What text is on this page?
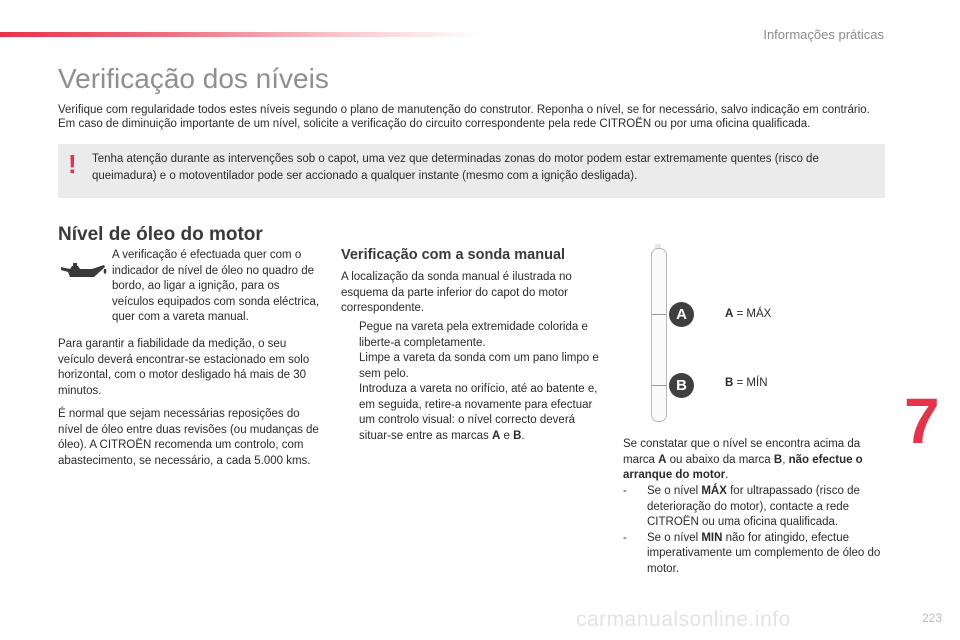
Informações práticas
Verificação dos níveis

Verifique com regularidade todos estes níveis segundo o plano de manutenção do construtor. Reponha o nível, se for necessário, salvo indicação em contrário.

Em caso de diminuição importante de um nível, solicite a verificação do circuito correspondente pela rede CITROËN ou por uma oficina qualificada.

! Tenha atenção durante as intervenções sob o capot, uma vez que determinadas zonas do motor podem estar extremamente quentes (risco de queimadura) e o motoventilador pode ser accionado a qualquer instante (mesmo com a ignição desligada).
Nível de óleo do motor
A verificação é efectuada quer com o indicador de nível de óleo no quadro de bordo, ao ligar a ignição, para os veículos equipados com sonda eléctrica, quer com a vareta manual.
Para garantir a fiabilidade da medição, o seu veículo deverá encontrar-se estacionado em solo horizontal, com o motor desligado há mais de 30 minutos.
É normal que sejam necessárias reposições do nível de óleo entre duas revisões (ou mudanças de óleo). A CITROËN recomenda um controlo, com abastecimento, se necessário, a cada 5.000 kms.
Verificação com a sonda manual
A localização da sonda manual é ilustrada no esquema da parte inferior do capot do motor correspondente.
Pegue na vareta pela extremidade colorida e liberte-a completamente.
Limpe a vareta da sonda com um pano limpo e sem pelo.
Introduza a vareta no orifício, até ao batente e, em seguida, retire-a novamente para efectuar um controlo visual: o nível correcto deverá situar-se entre as marcas A e B.
A
B
A = MÁX
B = MÍN
Se constatar que o nível se encontra acima da marca A ou abaixo da marca B, não efectue o arranque do motor.
- Se o nível MÁX for ultrapassado (risco de deterioração do motor), contacte a rede CITROËN ou uma oficina qualificada.
- Se o nível MIN não for atingido, efectue imperativamente um complemento de óleo do motor.
7
carmanualsonline.info	223
